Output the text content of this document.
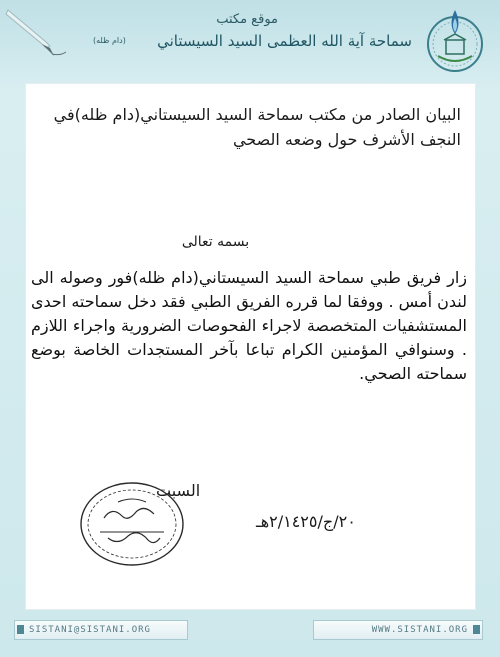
موقع مكتب
سماحة آية الله العظمى السيد السيستاني
(دام ظله)
البيان الصادر من مكتب سماحة السيد السيستاني(دام ظله)في النجف الأشرف حول وضعه الصحي
بسمه تعالى
زار فريق طبي سماحة السيد السيستاني(دام ظله)فور وصوله الى لندن أمس . ووفقا لما قرره الفريق الطبي فقد دخل سماحته احدى المستشفيات المتخصصة لاجراء الفحوصات الضرورية واجراء اللازم . وسنوافي المؤمنين الكرام تباعا بآخر المستجدات الخاصة بوضع سماحته الصحي.
السبت
٢٠/ج/٢/١٤٢٥هـ
SISTANI@SISTANI.ORG	WWW.SISTANI.ORG
